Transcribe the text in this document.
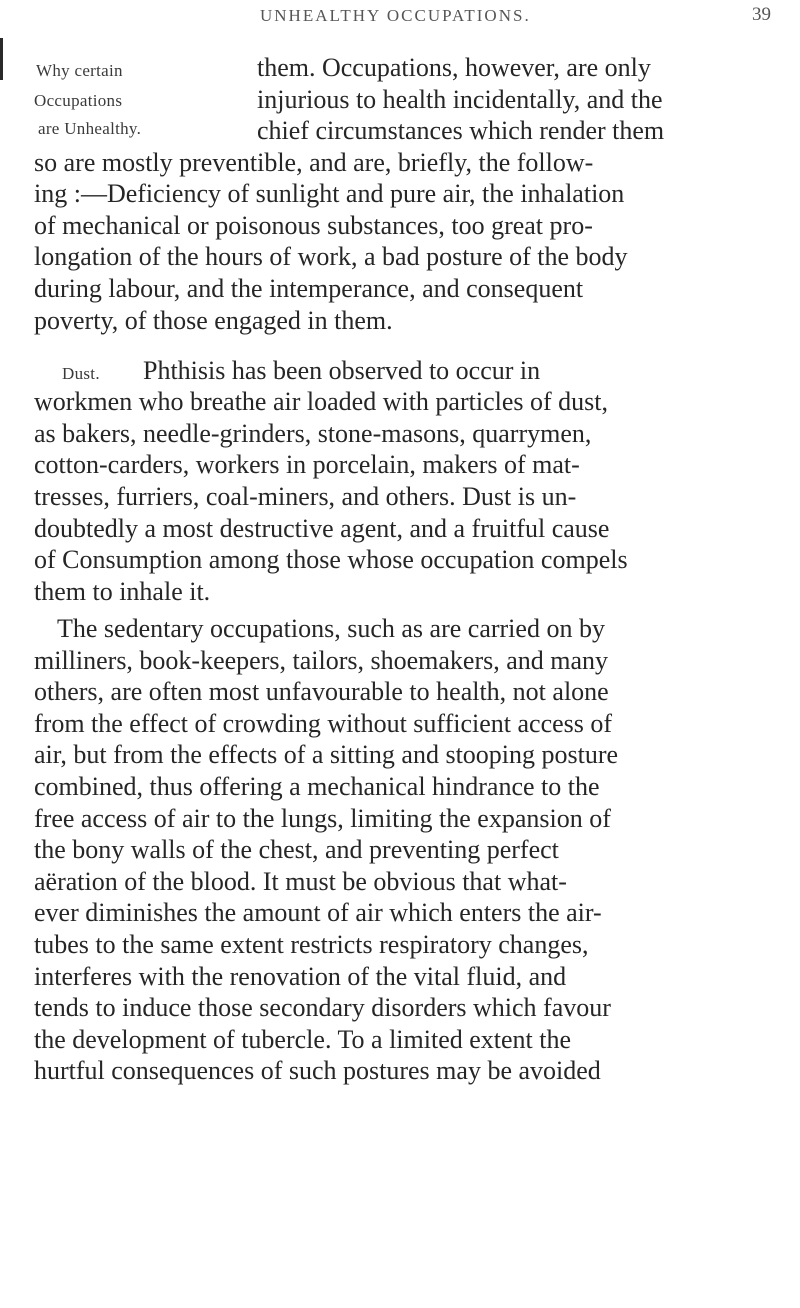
UNHEALTHY OCCUPATIONS.	39
Why certain
Occupations
are Unhealthy.
Dust.
them. Occupations, however, are only
injurious to health incidentally, and the
chief circumstances which render them
so are mostly preventible, and are, briefly, the follow-
ing :—Deficiency of sunlight and pure air, the inhalation
of mechanical or poisonous substances, too great pro-
longation of the hours of work, a bad posture of the body
during labour, and the intemperance, and consequent
poverty, of those engaged in them.
Phthisis has been observed to occur in
workmen who breathe air loaded with particles of dust,
as bakers, needle-grinders, stone-masons, quarrymen,
cotton-carders, workers in porcelain, makers of mat-
tresses, furriers, coal-miners, and others. Dust is un-
doubtedly a most destructive agent, and a fruitful cause
of Consumption among those whose occupation compels
them to inhale it.
The sedentary occupations, such as are carried on by
milliners, book-keepers, tailors, shoemakers, and many
others, are often most unfavourable to health, not alone
from the effect of crowding without sufficient access of
air, but from the effects of a sitting and stooping posture
combined, thus offering a mechanical hindrance to the
free access of air to the lungs, limiting the expansion of
the bony walls of the chest, and preventing perfect
aëration of the blood. It must be obvious that what-
ever diminishes the amount of air which enters the air-
tubes to the same extent restricts respiratory changes,
interferes with the renovation of the vital fluid, and
tends to induce those secondary disorders which favour
the development of tubercle. To a limited extent the
hurtful consequences of such postures may be avoided
